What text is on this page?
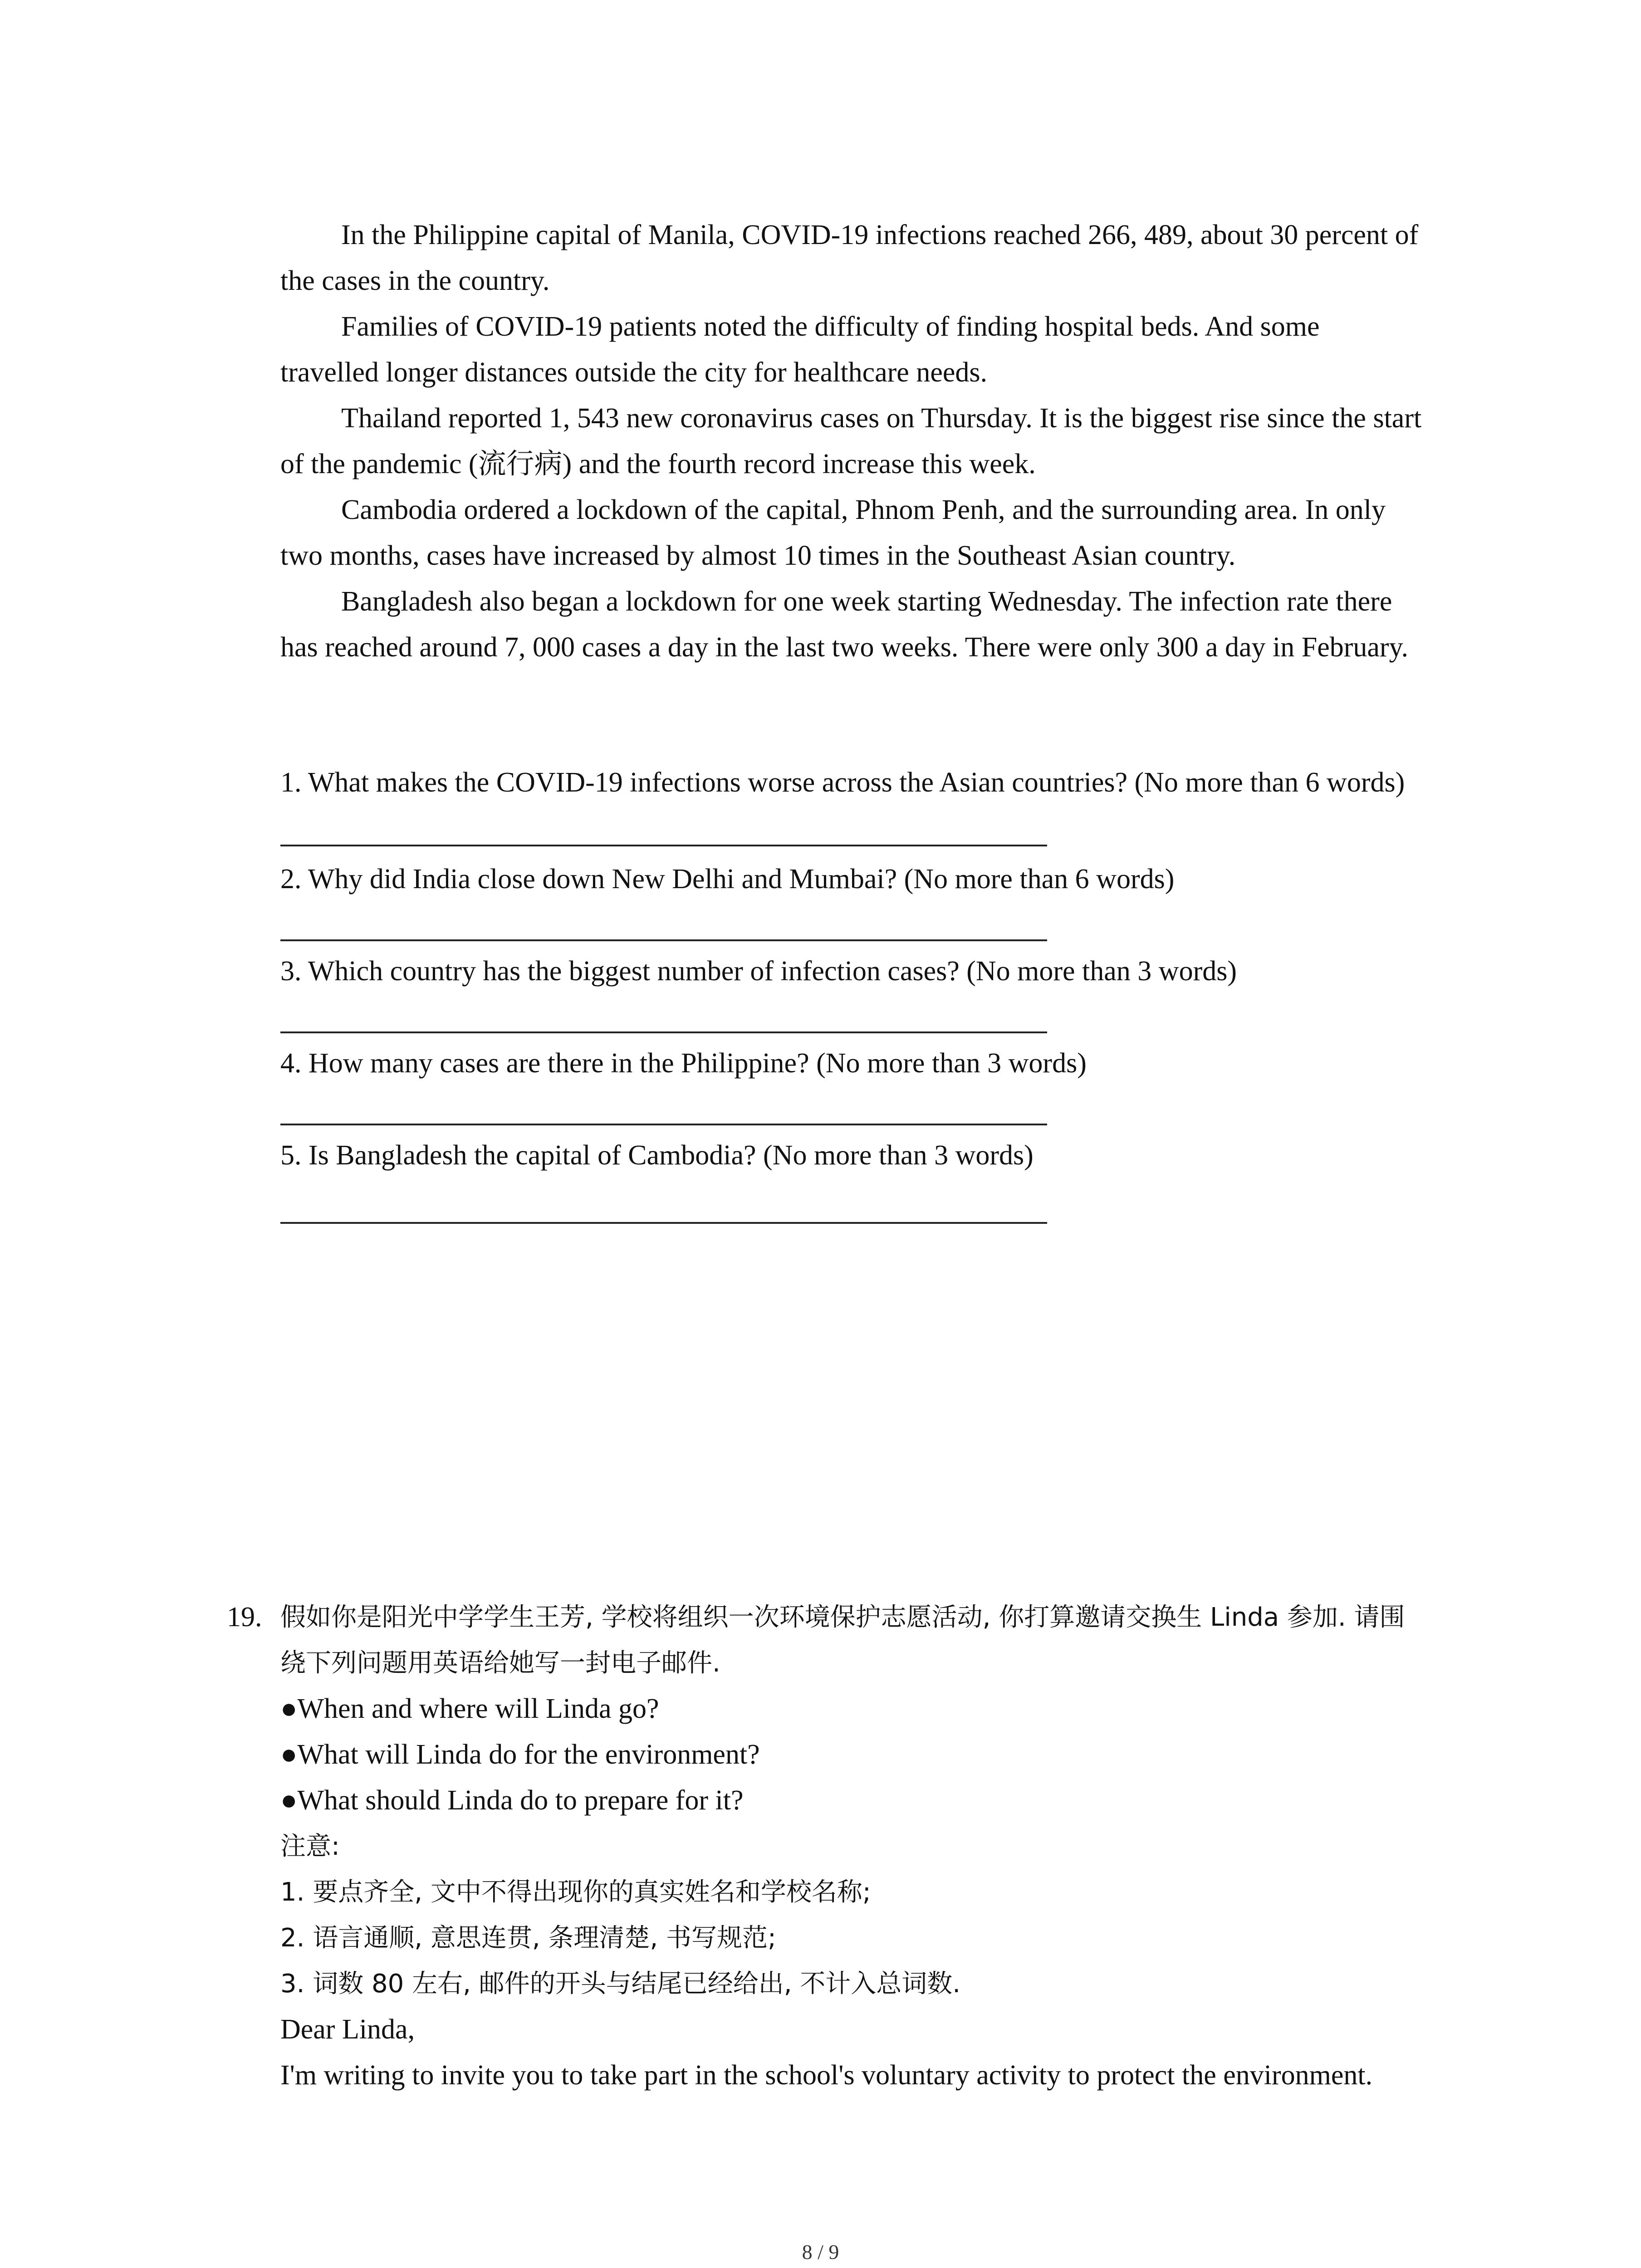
In the Philippine capital of Manila, COVID-19 infections reached 266, 489, about 30 percent of the cases in the country.

Families of COVID-19 patients noted the difficulty of finding hospital beds. And some travelled longer distances outside the city for healthcare needs.

Thailand reported 1, 543 new coronavirus cases on Thursday. It is the biggest rise since the start of the pandemic (流行病) and the fourth record increase this week.

Cambodia ordered a lockdown of the capital, Phnom Penh, and the surrounding area. In only two months, cases have increased by almost 10 times in the Southeast Asian country.

Bangladesh also began a lockdown for one week starting Wednesday. The infection rate there has reached around 7, 000 cases a day in the last two weeks. There were only 300 a day in February.

1. What makes the COVID-19 infections worse across the Asian countries? (No more than 6 words)

2. Why did India close down New Delhi and Mumbai? (No more than 6 words)

3. Which country has the biggest number of infection cases? (No more than 3 words)

4. How many cases are there in the Philippine? (No more than 3 words)

5. Is Bangladesh the capital of Cambodia? (No more than 3 words)

19. 假如你是阳光中学学生王芳, 学校将组织一次环境保护志愿活动, 你打算邀请交换生 Linda 参加. 请围绕下列问题用英语给她写一封电子邮件.

●When and where will Linda go?

●What will Linda do for the environment?

●What should Linda do to prepare for it?

注意:

1. 要点齐全, 文中不得出现你的真实姓名和学校名称;

2. 语言通顺, 意思连贯, 条理清楚, 书写规范;

3. 词数 80 左右, 邮件的开头与结尾已经给出, 不计入总词数.

Dear Linda,

I'm writing to invite you to take part in the school's voluntary activity to protect the environment.

8 / 9
